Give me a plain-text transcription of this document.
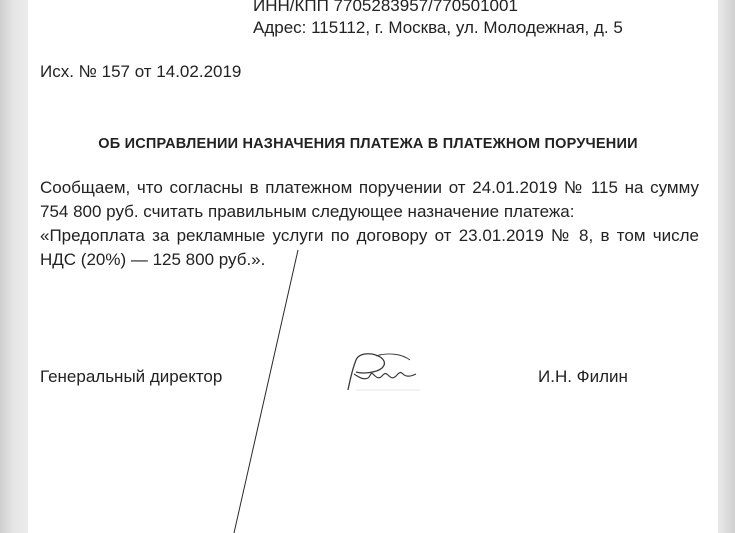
ИНН/КПП 7705283957/770501001
Адрес: 115112, г. Москва, ул. Молодежная, д. 5
Исх. № 157 от 14.02.2019
ОБ ИСПРАВЛЕНИИ НАЗНАЧЕНИЯ ПЛАТЕЖА В ПЛАТЕЖНОМ ПОРУЧЕНИИ
Сообщаем, что согласны в платежном поручении от 24.01.2019 № 115 на сумму
754 800 руб. считать правильным следующее назначение платежа:
«Предоплата за рекламные услуги по договору от 23.01.2019 № 8, в том числе
НДС (20%) — 125 800 руб.».
Генеральный директор	И.Н. Филин
